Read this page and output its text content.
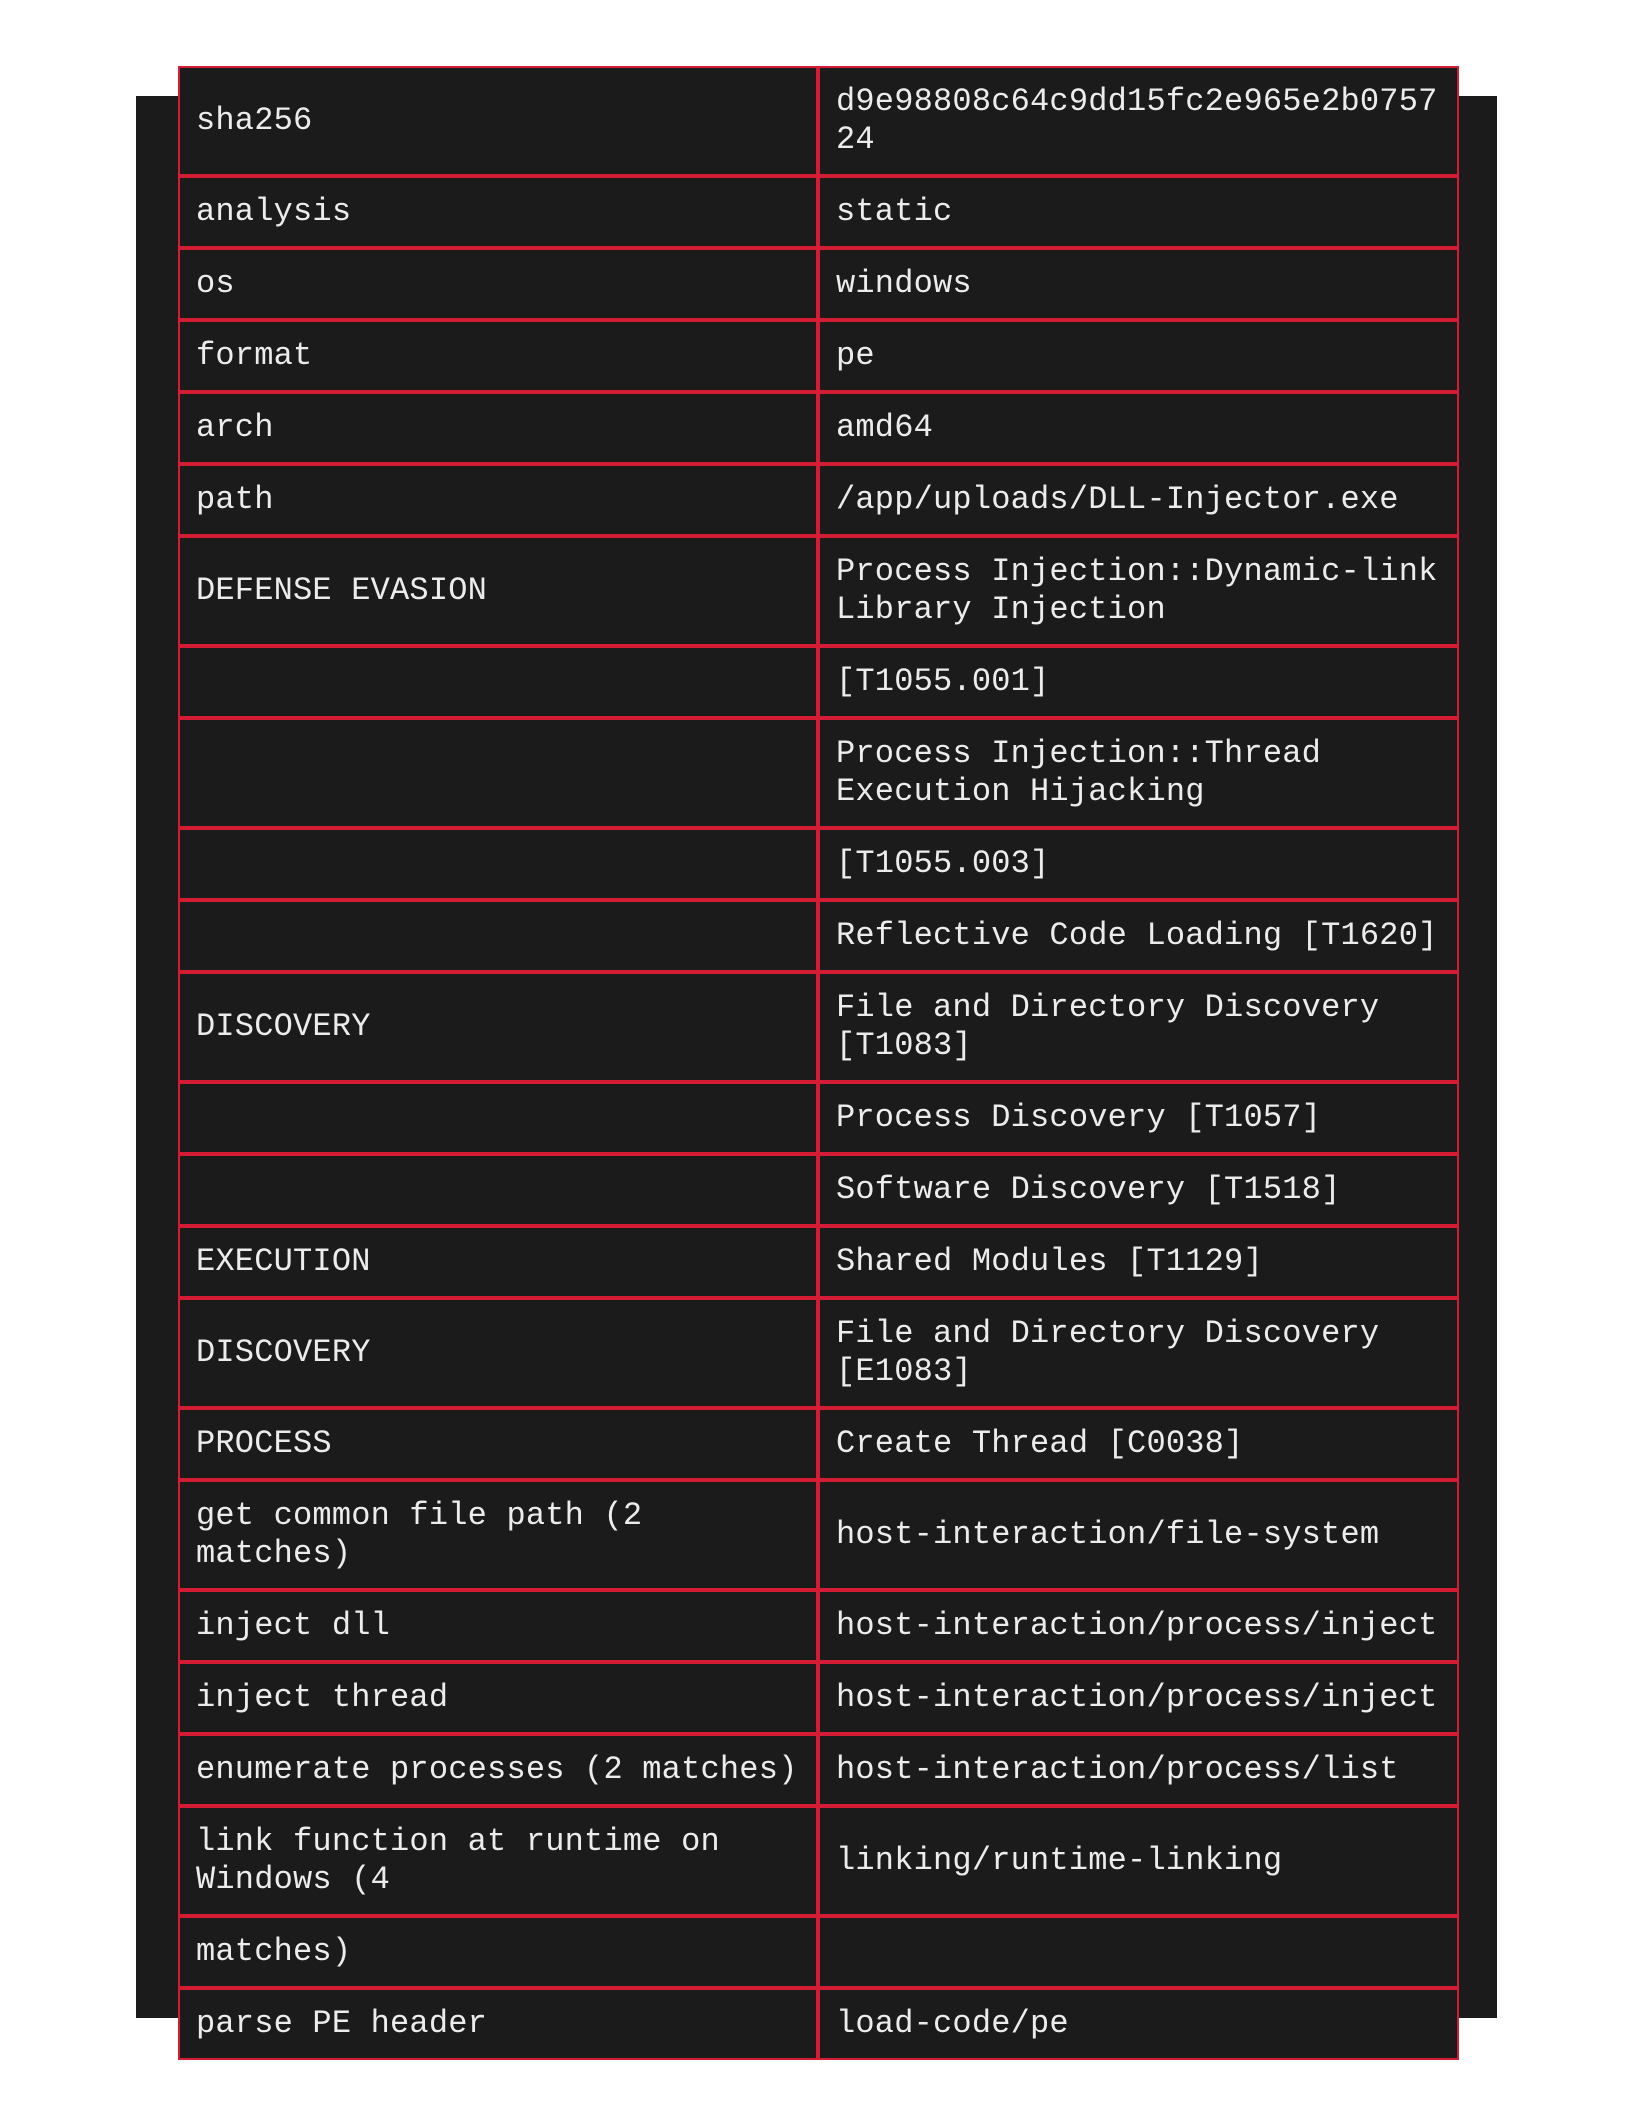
sha256	d9e98808c64c9dd15fc2e965e2b0757 24
analysis	static
os	windows
format	pe
arch	amd64
path	/app/uploads/DLL-Injector.exe
DEFENSE EVASION	Process Injection::Dynamic-link Library Injection
	[T1055.001]
	Process Injection::Thread Execution Hijacking
	[T1055.003]
	Reflective Code Loading [T1620]
DISCOVERY	File and Directory Discovery [T1083]
	Process Discovery [T1057]
	Software Discovery [T1518]
EXECUTION	Shared Modules [T1129]
DISCOVERY	File and Directory Discovery [E1083]
PROCESS	Create Thread [C0038]
get common file path (2 matches)	host-interaction/file-system
inject dll	host-interaction/process/inject
inject thread	host-interaction/process/inject
enumerate processes (2 matches)	host-interaction/process/list
link function at runtime on Windows (4	linking/runtime-linking
matches)	
parse PE header	load-code/pe
